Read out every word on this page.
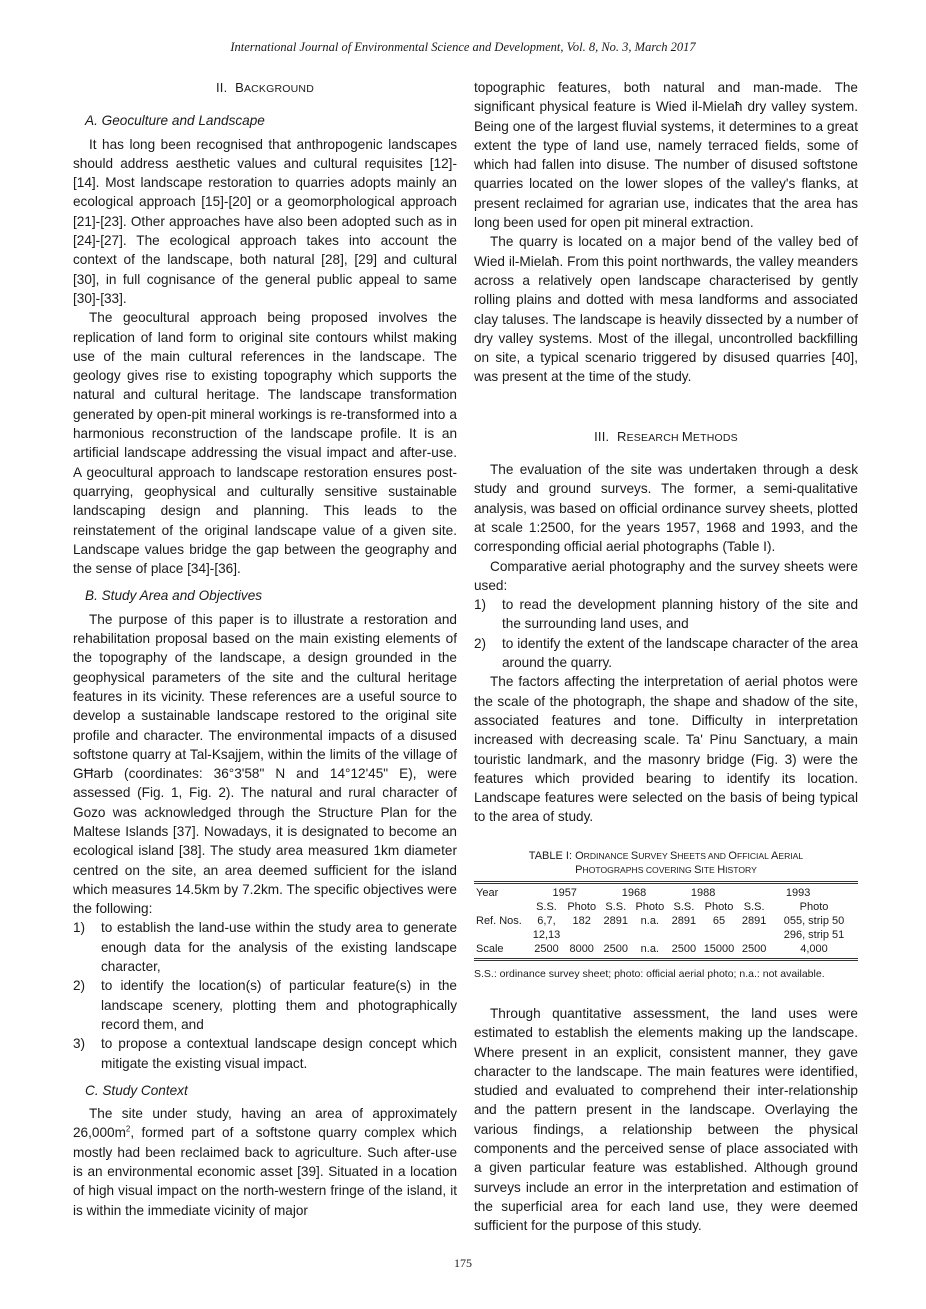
International Journal of Environmental Science and Development, Vol. 8, No. 3, March 2017
II. BACKGROUND
A. Geoculture and Landscape

It has long been recognised that anthropogenic landscapes should address aesthetic values and cultural requisites [12]-[14]. Most landscape restoration to quarries adopts mainly an ecological approach [15]-[20] or a geomorphological approach [21]-[23]. Other approaches have also been adopted such as in [24]-[27]. The ecological approach takes into account the context of the landscape, both natural [28], [29] and cultural [30], in full cognisance of the general public appeal to same [30]-[33].

The geocultural approach being proposed involves the replication of land form to original site contours whilst making use of the main cultural references in the landscape. The geology gives rise to existing topography which supports the natural and cultural heritage. The landscape transformation generated by open-pit mineral workings is re-transformed into a harmonious reconstruction of the landscape profile. It is an artificial landscape addressing the visual impact and after-use. A geocultural approach to landscape restoration ensures post-quarrying, geophysical and culturally sensitive sustainable landscaping design and planning. This leads to the reinstatement of the original landscape value of a given site. Landscape values bridge the gap between the geography and the sense of place [34]-[36].

B. Study Area and Objectives

The purpose of this paper is to illustrate a restoration and rehabilitation proposal based on the main existing elements of the topography of the landscape, a design grounded in the geophysical parameters of the site and the cultural heritage features in its vicinity. These references are a useful source to develop a sustainable landscape restored to the original site profile and character. The environmental impacts of a disused softstone quarry at Tal-Ksajjem, within the limits of the village of GĦarb (coordinates: 36°3'58" N and 14°12'45" E), were assessed (Fig. 1, Fig. 2). The natural and rural character of Gozo was acknowledged through the Structure Plan for the Maltese Islands [37]. Nowadays, it is designated to become an ecological island [38]. The study area measured 1km diameter centred on the site, an area deemed sufficient for the island which measures 14.5km by 7.2km. The specific objectives were the following:

1) to establish the land-use within the study area to generate enough data for the analysis of the existing landscape character,
2) to identify the location(s) of particular feature(s) in the landscape scenery, plotting them and photographically record them, and
3) to propose a contextual landscape design concept which mitigate the existing visual impact.
C. Study Context

The site under study, having an area of approximately $26,000m^2$, formed part of a softstone quarry complex which mostly had been reclaimed back to agriculture. Such after-use is an environmental economic asset [39]. Situated in a location of high visual impact on the north-western fringe of the island, it is within the immediate vicinity of major

topographic features, both natural and man-made. The significant physical feature is Wied il-Mielaħ dry valley system. Being one of the largest fluvial systems, it determines to a great extent the type of land use, namely terraced fields, some of which had fallen into disuse. The number of disused softstone quarries located on the lower slopes of the valley's flanks, at present reclaimed for agrarian use, indicates that the area has long been used for open pit mineral extraction.

The quarry is located on a major bend of the valley bed of Wied il-Mielaħ. From this point northwards, the valley meanders across a relatively open landscape characterised by gently rolling plains and dotted with mesa landforms and associated clay taluses. The landscape is heavily dissected by a number of dry valley systems. Most of the illegal, uncontrolled backfilling on site, a typical scenario triggered by disused quarries [40], was present at the time of the study.

III. RESEARCH METHODS

The evaluation of the site was undertaken through a desk study and ground surveys. The former, a semi-qualitative analysis, was based on official ordinance survey sheets, plotted at scale 1:2500, for the years 1957, 1968 and 1993, and the corresponding official aerial photographs (Table I).

Comparative aerial photography and the survey sheets were used:

1) to read the development planning history of the site and the surrounding land uses, and
2) to identify the extent of the landscape character of the area around the quarry.

The factors affecting the interpretation of aerial photos were the scale of the photograph, the shape and shadow of the site, associated features and tone. Difficulty in interpretation increased with decreasing scale. Ta' Pinu Sanctuary, a main touristic landmark, and the masonry bridge (Fig. 3) were the features which provided bearing to identify its location. Landscape features were selected on the basis of being typical to the area of study.

TABLE I: ORDINANCE SURVEY SHEETS AND OFFICIAL AERIAL
PHOTOGRAPHS COVERING SITE HISTORY
Year	1957		1968		1988		1993	
	S.S.	Photo	S.S.	Photo	S.S.	Photo	S.S.	Photo
Ref. Nos.	6,7, 12,13	182	2891	n.a.	2891	65	2891	055, strip 50 296, strip 51
Scale	2500	8000	2500	n.a.	2500	15000	2500	4,000
S.S.: ordinance survey sheet; photo: official aerial photo; n.a.: not available.

Through quantitative assessment, the land uses were estimated to establish the elements making up the landscape. Where present in an explicit, consistent manner, they gave character to the landscape. The main features were identified, studied and evaluated to comprehend their inter-relationship and the pattern present in the landscape. Overlaying the various findings, a relationship between the physical components and the perceived sense of place associated with a given particular feature was established. Although ground surveys include an error in the interpretation and estimation of the superficial area for each land use, they were deemed sufficient for the purpose of this study.

175
